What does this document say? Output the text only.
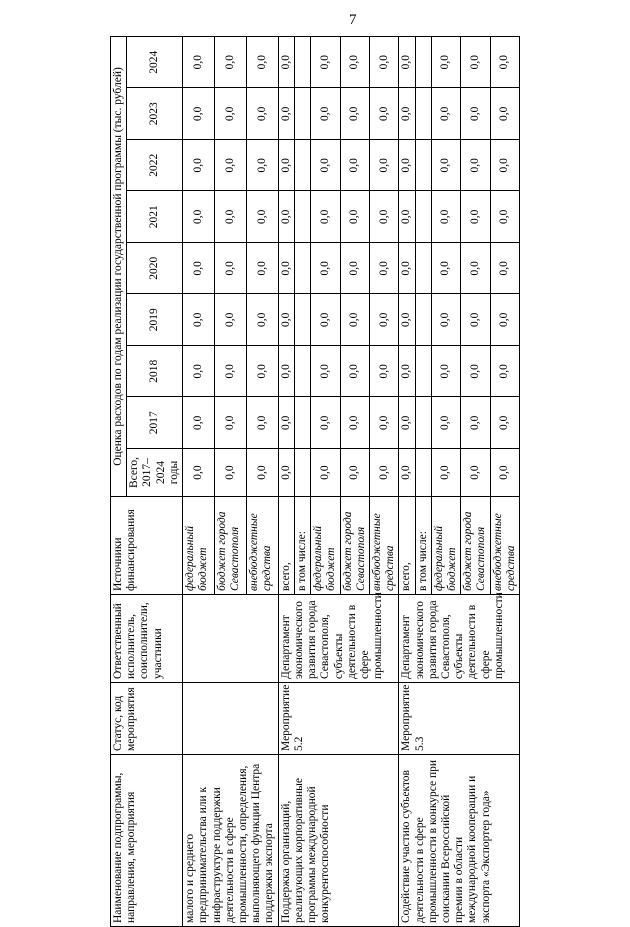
7
Наименование подпрограммы, направления, мероприятия	Статус, код мероприятия	Ответственный исполнитель, соисполнители, участники	Источники финансирования	Оценка расходов по годам реализации государственной программы (тыс. рублей)								
				Всего, 2017–2024 годы	2017	2018	2019	2020	2021	2022	2023	2024
малого и среднего предпринимательства или к инфраструктуре поддержки деятельности в сфере промышленности, определения, выполняющего функции Центра поддержки экспорта			федеральный бюджет	0,0	0,0	0,0	0,0	0,0	0,0	0,0	0,0	0,0
			бюджет города Севастополя	0,0	0,0	0,0	0,0	0,0	0,0	0,0	0,0	0,0
			внебюджетные средства	0,0	0,0	0,0	0,0	0,0	0,0	0,0	0,0	0,0
Поддержка организаций, реализующих корпоративные программы международной конкурентоспособности	Мероприятие 5.2	Департамент экономического развития города Севастополя, субъекты деятельности в сфере промышленности	всего,	0,0	0,0	0,0	0,0	0,0	0,0	0,0	0,0	0,0
			в том числе:									
			федеральный бюджет	0,0	0,0	0,0	0,0	0,0	0,0	0,0	0,0	0,0
			бюджет города Севастополя	0,0	0,0	0,0	0,0	0,0	0,0	0,0	0,0	0,0
			внебюджетные средства	0,0	0,0	0,0	0,0	0,0	0,0	0,0	0,0	0,0
Содействие участию субъектов деятельности в сфере промышленности в конкурсе при соискании Всероссийской премии в области международной кооперации и экспорта «Экспортер года»	Мероприятие 5.3	Департамент экономического развития города Севастополя, субъекты деятельности в сфере промышленности	всего,	0,0	0,0	0,0	0,0	0,0	0,0	0,0	0,0	0,0
			в том числе:									
			федеральный бюджет	0,0	0,0	0,0	0,0	0,0	0,0	0,0	0,0	0,0
			бюджет города Севастополя	0,0	0,0	0,0	0,0	0,0	0,0	0,0	0,0	0,0
			внебюджетные средства	0,0	0,0	0,0	0,0	0,0	0,0	0,0	0,0	0,0
